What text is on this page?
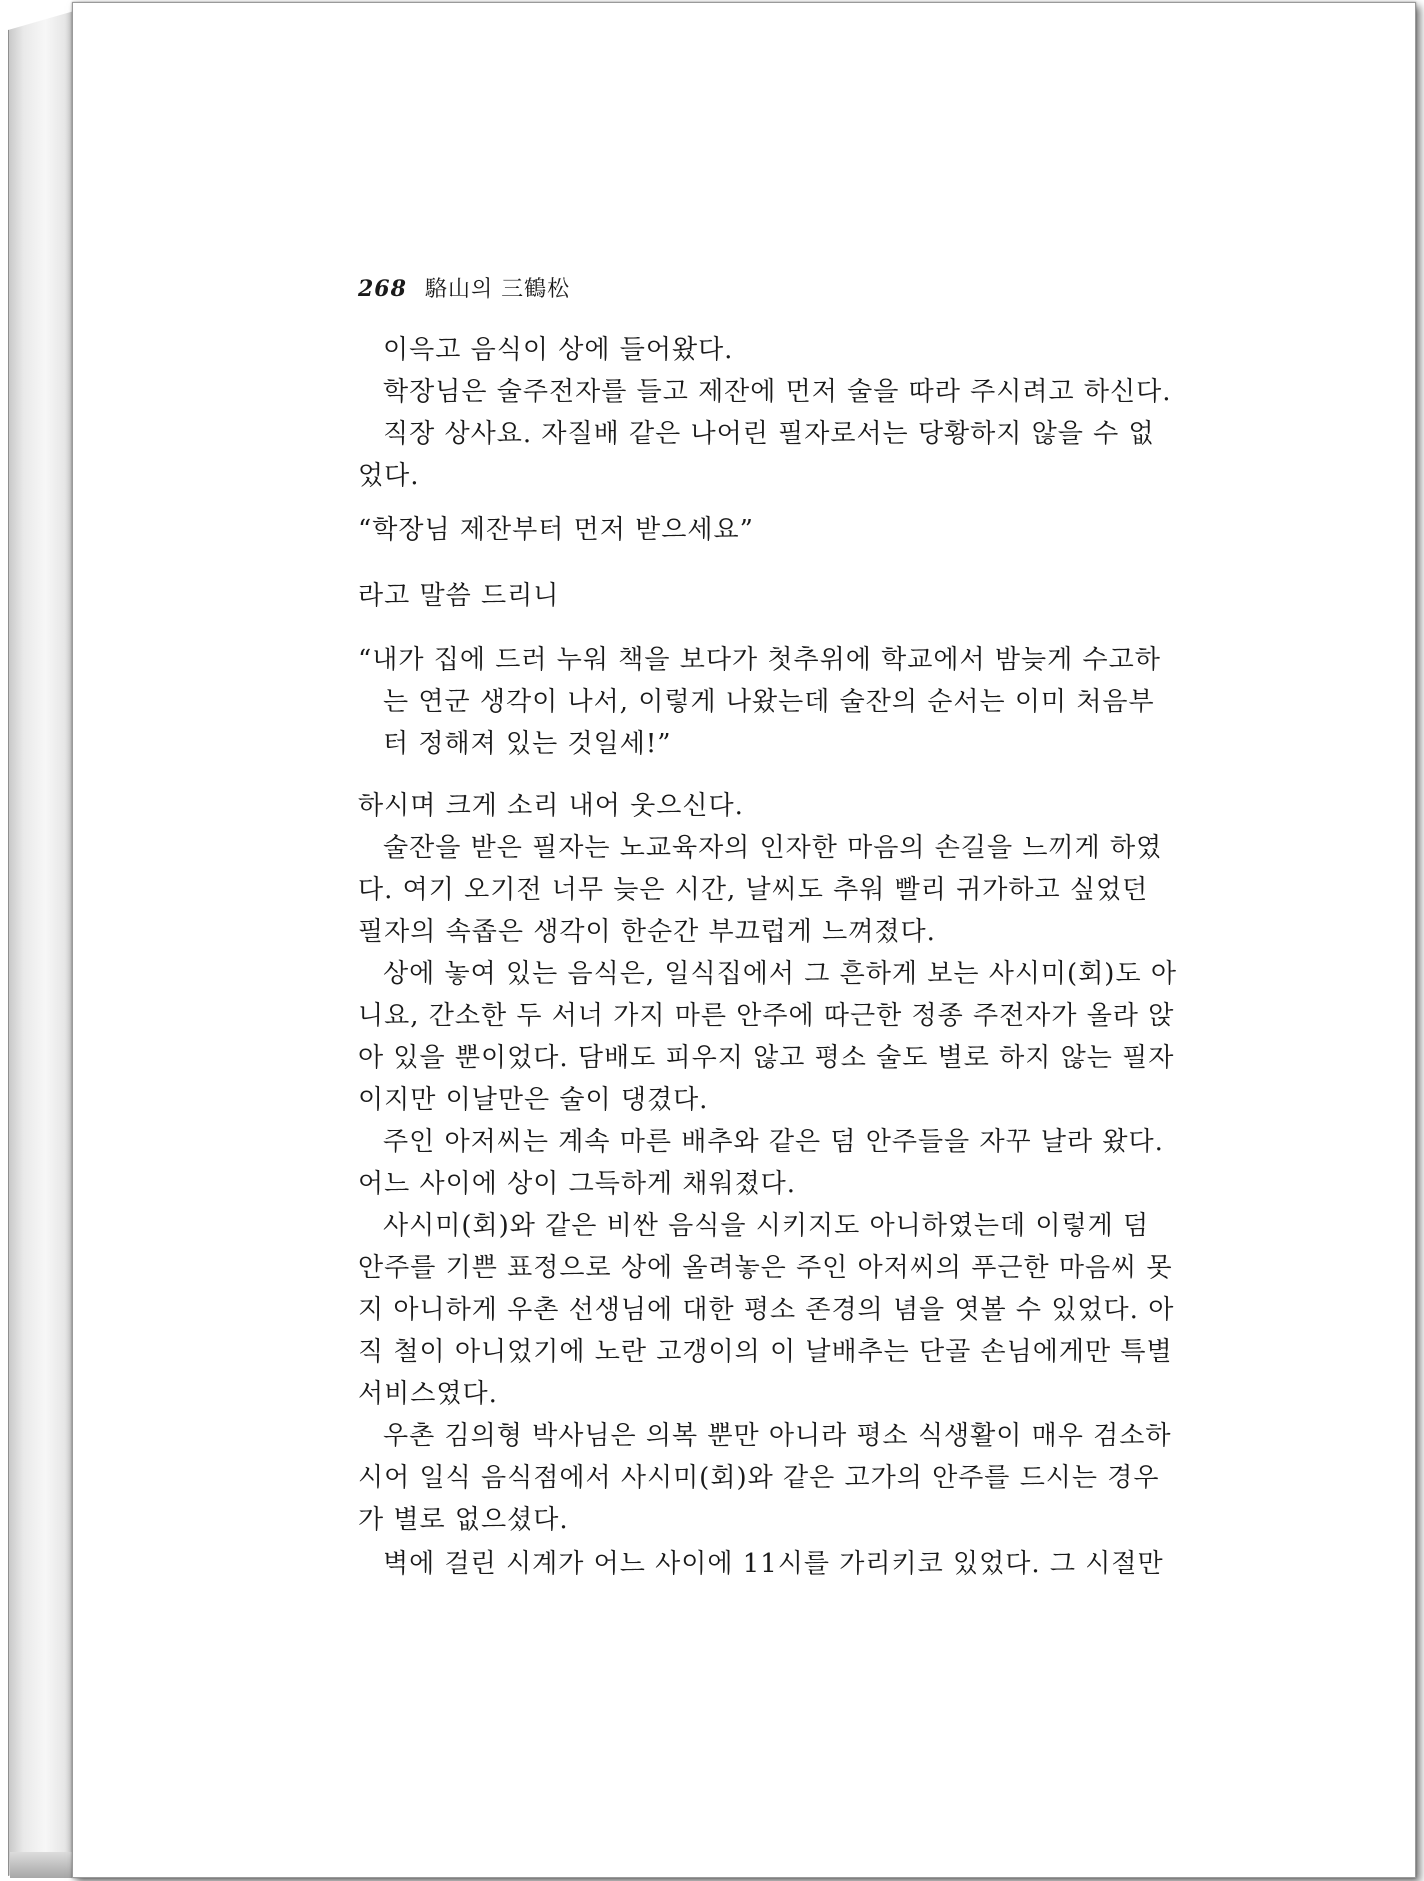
268 駱山의 三鶴松
이윽고 음식이 상에 들어왔다.
학장님은 술주전자를 들고 제잔에 먼저 술을 따라 주시려고 하신다.
직장 상사요. 자질배 같은 나어린 필자로서는 당황하지 않을 수 없
었다.
“학장님 제잔부터 먼저 받으세요”
라고 말씀 드리니
“내가 집에 드러 누워 책을 보다가 첫추위에 학교에서 밤늦게 수고하
는 연군 생각이 나서, 이렇게 나왔는데 술잔의 순서는 이미 처음부
터 정해져 있는 것일세!”
하시며 크게 소리 내어 웃으신다.
술잔을 받은 필자는 노교육자의 인자한 마음의 손길을 느끼게 하였
다. 여기 오기전 너무 늦은 시간, 날씨도 추워 빨리 귀가하고 싶었던
필자의 속좁은 생각이 한순간 부끄럽게 느껴졌다.
상에 놓여 있는 음식은, 일식집에서 그 흔하게 보는 사시미(회)도 아
니요, 간소한 두 서너 가지 마른 안주에 따근한 정종 주전자가 올라 앉
아 있을 뿐이었다. 담배도 피우지 않고 평소 술도 별로 하지 않는 필자
이지만 이날만은 술이 댕겼다.
주인 아저씨는 계속 마른 배추와 같은 덤 안주들을 자꾸 날라 왔다.
어느 사이에 상이 그득하게 채워졌다.
사시미(회)와 같은 비싼 음식을 시키지도 아니하였는데 이렇게 덤
안주를 기쁜 표정으로 상에 올려놓은 주인 아저씨의 푸근한 마음씨 못
지 아니하게 우촌 선생님에 대한 평소 존경의 념을 엿볼 수 있었다. 아
직 철이 아니었기에 노란 고갱이의 이 날배추는 단골 손님에게만 특별
서비스였다.
우촌 김의형 박사님은 의복 뿐만 아니라 평소 식생활이 매우 검소하
시어 일식 음식점에서 사시미(회)와 같은 고가의 안주를 드시는 경우
가 별로 없으셨다.
벽에 걸린 시계가 어느 사이에 11시를 가리키코 있었다. 그 시절만
